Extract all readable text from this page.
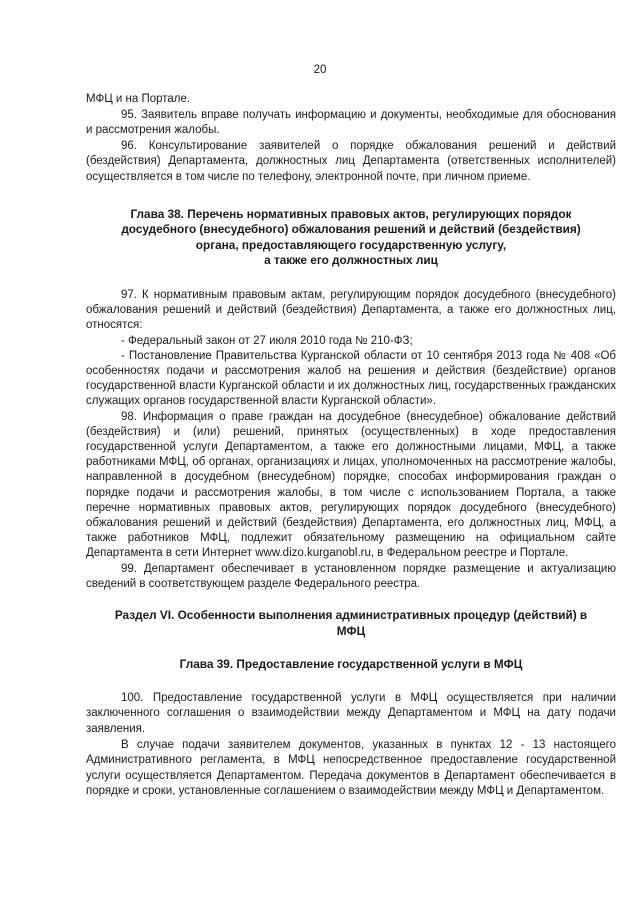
20

МФЦ и на Портале.

95. Заявитель вправе получать информацию и документы, необходимые для обоснования и рассмотрения жалобы.

96. Консультирование заявителей о порядке обжалования решений и действий (бездействия) Департамента, должностных лиц Департамента (ответственных исполнителей) осуществляется в том числе по телефону, электронной почте, при личном приеме.

Глава 38. Перечень нормативных правовых актов, регулирующих порядок
досудебного (внесудебного) обжалования решений и действий (бездействия)
органа, предоставляющего государственную услугу,
а также его должностных лиц

97. К нормативным правовым актам, регулирующим порядок досудебного (внесудебного) обжалования решений и действий (бездействия) Департамента, а также его должностных лиц, относятся:

- Федеральный закон от 27 июля 2010 года № 210-ФЗ;

- Постановление Правительства Курганской области от 10 сентября 2013 года № 408 «Об особенностях подачи и рассмотрения жалоб на решения и действия (бездействие) органов государственной власти Курганской области и их должностных лиц, государственных гражданских служащих органов государственной власти Курганской области».

98. Информация о праве граждан на досудебное (внесудебное) обжалование действий (бездействия) и (или) решений, принятых (осуществленных) в ходе предоставления государственной услуги Департаментом, а также его должностными лицами, МФЦ, а также работниками МФЦ, об органах, организациях и лицах, уполномоченных на рассмотрение жалобы, направленной в досудебном (внесудебном) порядке, способах информирования граждан о порядке подачи и рассмотрения жалобы, в том числе с использованием Портала, а также перечне нормативных правовых актов, регулирующих порядок досудебного (внесудебного) обжалования решений и действий (бездействия) Департамента, его должностных лиц, МФЦ, а также работников МФЦ, подлежит обязательному размещению на официальном сайте Департамента в сети Интернет www.dizo.kurganobl.ru, в Федеральном реестре и Портале.

99. Департамент обеспечивает в установленном порядке размещение и актуализацию сведений в соответствующем разделе Федерального реестра.

Раздел VI. Особенности выполнения административных процедур (действий) в
МФЦ
Глава 39. Предоставление государственной услуги в МФЦ

100. Предоставление государственной услуги в МФЦ осуществляется при наличии заключенного соглашения о взаимодействии между Департаментом и МФЦ на дату подачи заявления.

В случае подачи заявителем документов, указанных в пунктах 12 - 13 настоящего Административного регламента, в МФЦ непосредственное предоставление государственной услуги осуществляется Департаментом. Передача документов в Департамент обеспечивается в порядке и сроки, установленные соглашением о взаимодействии между МФЦ и Департаментом.
